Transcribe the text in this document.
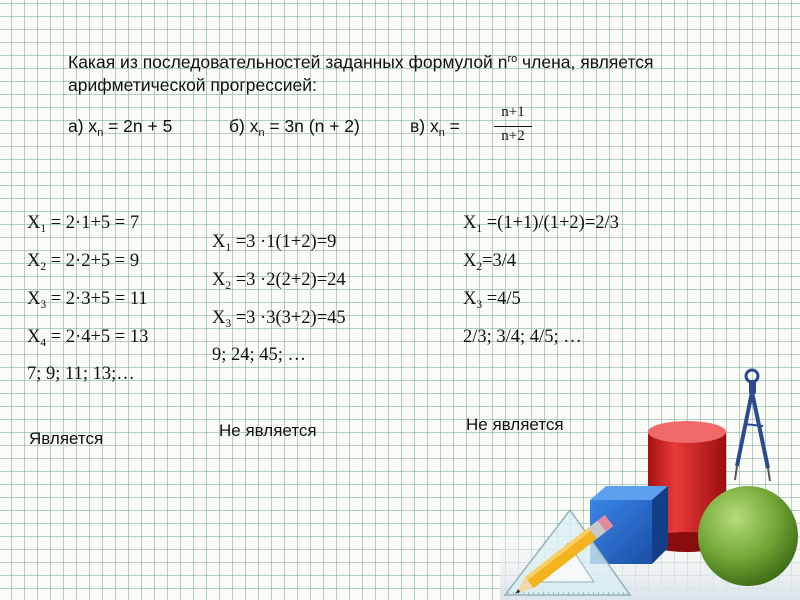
Какая из последовательностей заданных формулой $n^{го}$ члена, является
арифметической прогрессией:
а) $x_n = 2n + 5$	б) $x_n = 3n$ (n + 2)	в) $x_n$ =
n+1
n+2
$X_1 = 2\cdot 1+5 = 7$
$X_2 = 2\cdot 2+5 = 9$
$X_3 = 2\cdot 3+5 = 11$
$X_4 = 2\cdot 4+5 = 13$
7; 9; 11; 13;…
Является
$X_1 =3 \cdot 1(1+2)=9$
$X_2 =3 \cdot 2(2+2)=24$
$X_3 =3 \cdot 3(3+2)=45$
9; 24; 45; …
Не является
$X_1 =(1+1)/(1+2)=2/3$
$X_2=3/4$
$X_3 =4/5$
2/3; 3/4; 4/5; …
Не является
